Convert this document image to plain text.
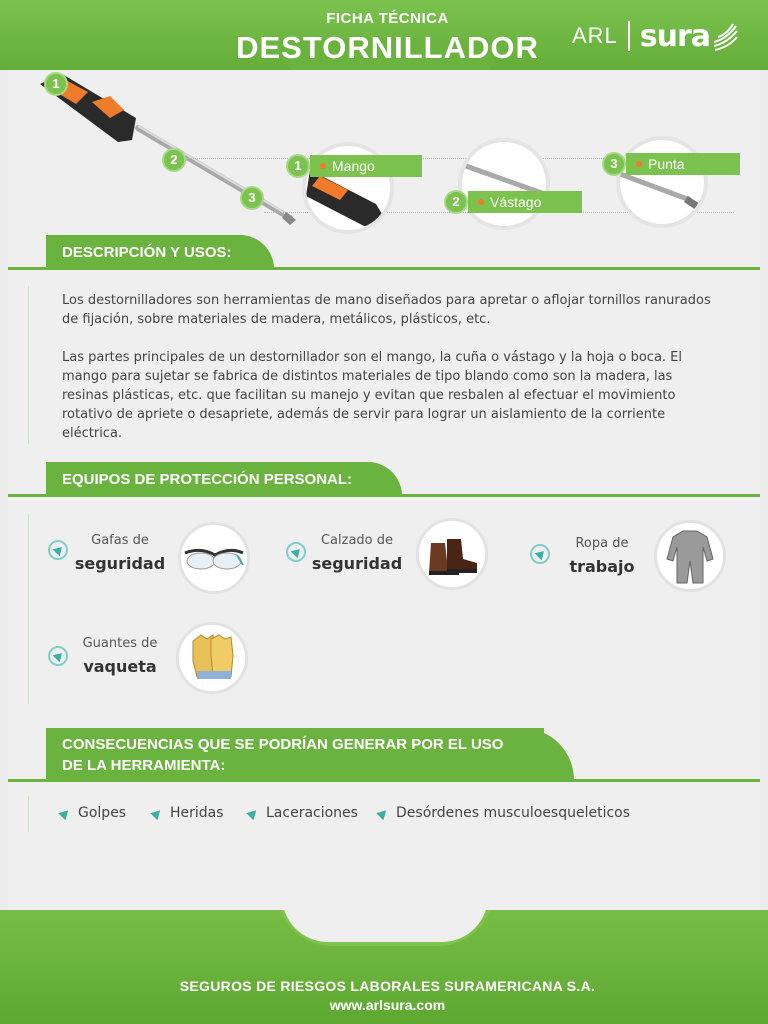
FICHA TÉCNICA
DESTORNILLADOR	ARL sura
1
2
3
1	Mango
2	Vástago
3	Punta
DESCRIPCIÓN Y USOS:
Los destornilladores son herramientas de mano diseñados para apretar o aflojar tornillos ranurados de fijación, sobre materiales de madera, metálicos, plásticos, etc.
Las partes principales de un destornillador son el mango, la cuña o vástago y la hoja o boca. El mango para sujetar se fabrica de distintos materiales de tipo blando como son la madera, las resinas plásticas, etc. que facilitan su manejo y evitan que resbalen al efectuar el movimiento rotativo de apriete o desapriete, además de servir para lograr un aislamiento de la corriente eléctrica.
EQUIPOS DE PROTECCIÓN PERSONAL:
Gafas de
seguridad
Calzado de
seguridad
Ropa de
trabajo
Guantes de
vaqueta
CONSECUENCIAS QUE SE PODRÍAN GENERAR POR EL USO
DE LA HERRAMIENTA:
Golpes	Heridas	Laceraciones	Desórdenes musculoesqueleticos
SEGUROS DE RIESGOS LABORALES SURAMERICANA S.A.
www.arlsura.com
